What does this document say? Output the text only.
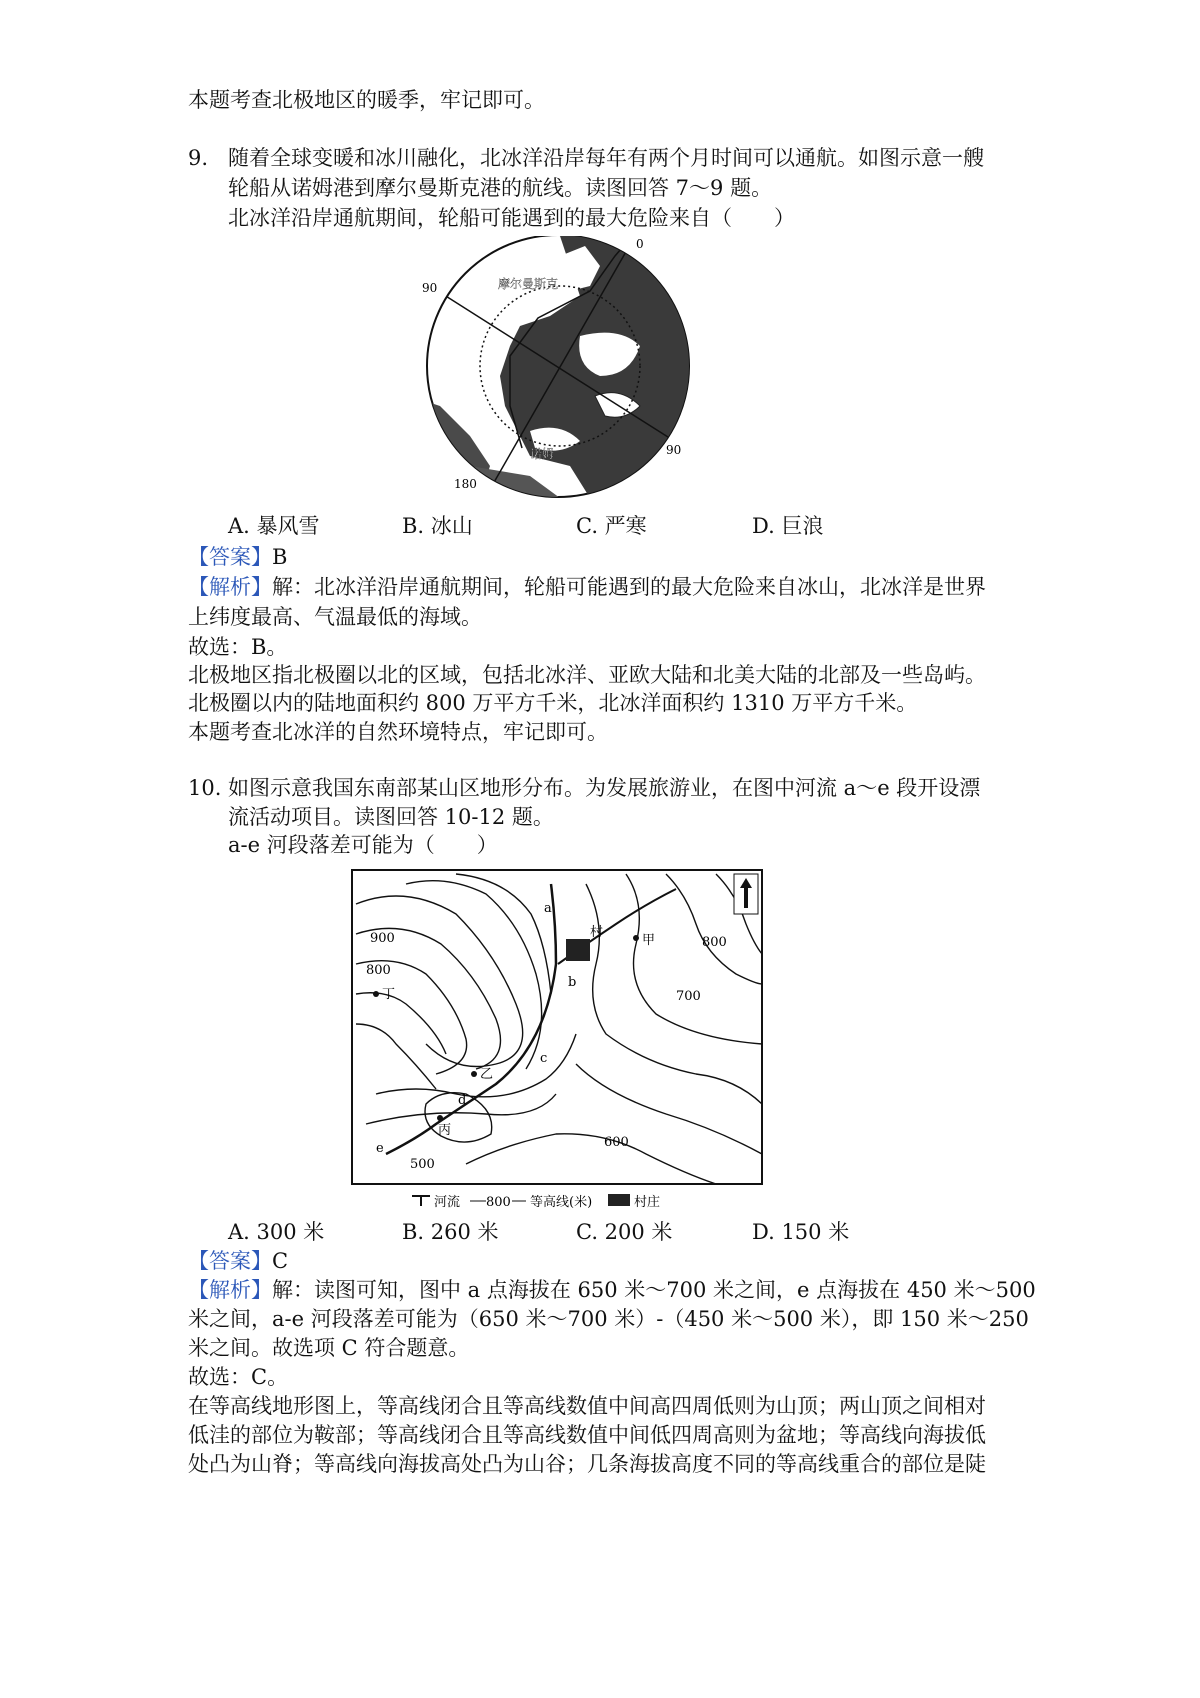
本题考查北极地区的暖季，牢记即可。
9. 随着全球变暖和冰川融化，北冰洋沿岸每年有两个月时间可以通航。如图示意一艘
轮船从诺姆港到摩尔曼斯克港的航线。读图回答 7～9 题。
北冰洋沿岸通航期间，轮船可能遇到的最大危险来自（　　）
90
90
180
0
摩尔曼斯克
诺姆
A. 暴风雪	B. 冰山	C. 严寒	D. 巨浪
【答案】B
【解析】解：北冰洋沿岸通航期间，轮船可能遇到的最大危险来自冰山，北冰洋是世界
上纬度最高、气温最低的海域。
故选：B。
北极地区指北极圈以北的区域，包括北冰洋、亚欧大陆和北美大陆的北部及一些岛屿。
北极圈以内的陆地面积约 800 万平方千米，北冰洋面积约 1310 万平方千米。
本题考查北冰洋的自然环境特点，牢记即可。
10. 如图示意我国东南部某山区地形分布。为发展旅游业，在图中河流 a～e 段开设漂
流活动项目。读图回答 10-12 题。
a-e 河段落差可能为（　　）
900
800
800
700
600
500
a
b
c
d
e
甲
乙
丙
丁
村
河流 800 等高线(米)	村庄
A. 300 米	B. 260 米	C. 200 米	D. 150 米
【答案】C
【解析】解：读图可知，图中 a 点海拔在 650 米～700 米之间，e 点海拔在 450 米～500
米之间，a-e 河段落差可能为（650 米～700 米）-（450 米～500 米），即 150 米～250
米之间。故选项 C 符合题意。
故选：C。
在等高线地形图上，等高线闭合且等高线数值中间高四周低则为山顶；两山顶之间相对
低洼的部位为鞍部；等高线闭合且等高线数值中间低四周高则为盆地；等高线向海拔低
处凸为山脊；等高线向海拔高处凸为山谷；几条海拔高度不同的等高线重合的部位是陡
